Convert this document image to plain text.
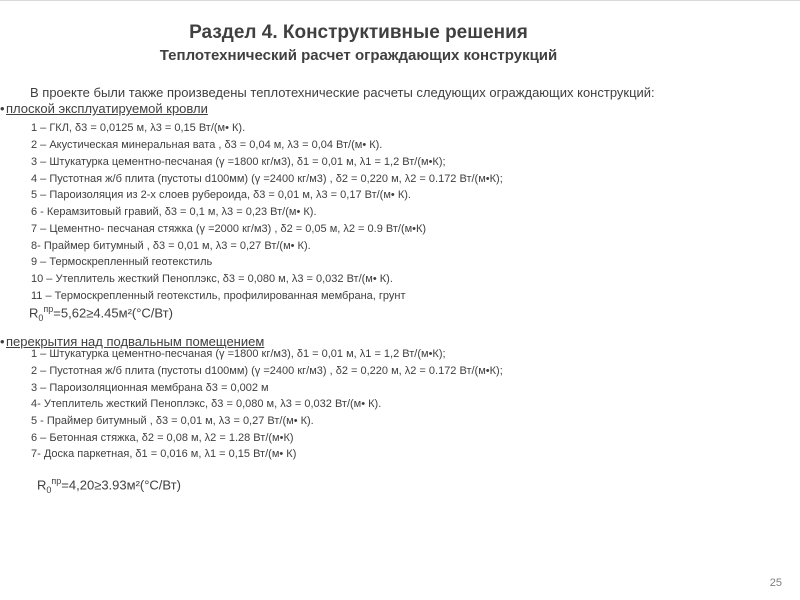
Раздел 4. Конструктивные решения
Теплотехнический расчет ограждающих конструкций
В проекте были также произведены теплотехнические расчеты следующих ограждающих конструкций:
•плоской эксплуатируемой кровли
1 – ГКЛ, δ3 = 0,0125 м, λ3 = 0,15 Вт/(м• К).
2 – Акустическая минеральная вата , δ3 = 0,04 м, λ3 = 0,04 Вт/(м• К).
3 – Штукатурка цементно-песчаная (γ =1800 кг/м3), δ1 = 0,01 м, λ1 = 1,2 Вт/(м•К);
4 – Пустотная ж/б плита (пустоты d100мм) (γ =2400 кг/м3) , δ2 = 0,220 м, λ2 = 0.172 Вт/(м•К);
5 – Пароизоляция из 2-х слоев рубероида, δ3 = 0,01 м, λ3 = 0,17 Вт/(м• К).
6 - Керамзитовый гравий, δ3 = 0,1 м, λ3 = 0,23 Вт/(м• К).
7 – Цементно- песчаная стяжка (γ =2000 кг/м3) , δ2 = 0,05 м, λ2 = 0.9 Вт/(м•К)
8- Праймер битумный , δ3 = 0,01 м, λ3 = 0,27 Вт/(м• К).
9 – Термоскрепленный геотекстиль
10 – Утеплитель жесткий Пеноплэкс, δ3 = 0,080 м, λ3 = 0,032 Вт/(м• К).
11 – Термоскрепленный геотекстиль, профилированная мембрана, грунт
$R_0^{пр}=5,62\ge 4.45м^2(^\circ С/Вт)$
•перекрытия над подвальным помещением
1 – Штукатурка цементно-песчаная (γ =1800 кг/м3), δ1 = 0,01 м, λ1 = 1,2 Вт/(м•К);
2 – Пустотная ж/б плита (пустоты d100мм) (γ =2400 кг/м3) , δ2 = 0,220 м, λ2 = 0.172 Вт/(м•К);
3 – Пароизоляционная мембрана δ3 = 0,002 м
4- Утеплитель жесткий Пеноплэкс, δ3 = 0,080 м, λ3 = 0,032 Вт/(м• К).
5 - Праймер битумный , δ3 = 0,01 м, λ3 = 0,27 Вт/(м• К).
6 – Бетонная стяжка, δ2 = 0,08 м, λ2 = 1.28 Вт/(м•К)
7- Доска паркетная, δ1 = 0,016 м, λ1 = 0,15 Вт/(м• К)
$R_0^{пр}=4,20\ge 3.93м^2(^\circ С/Вт)$
25
